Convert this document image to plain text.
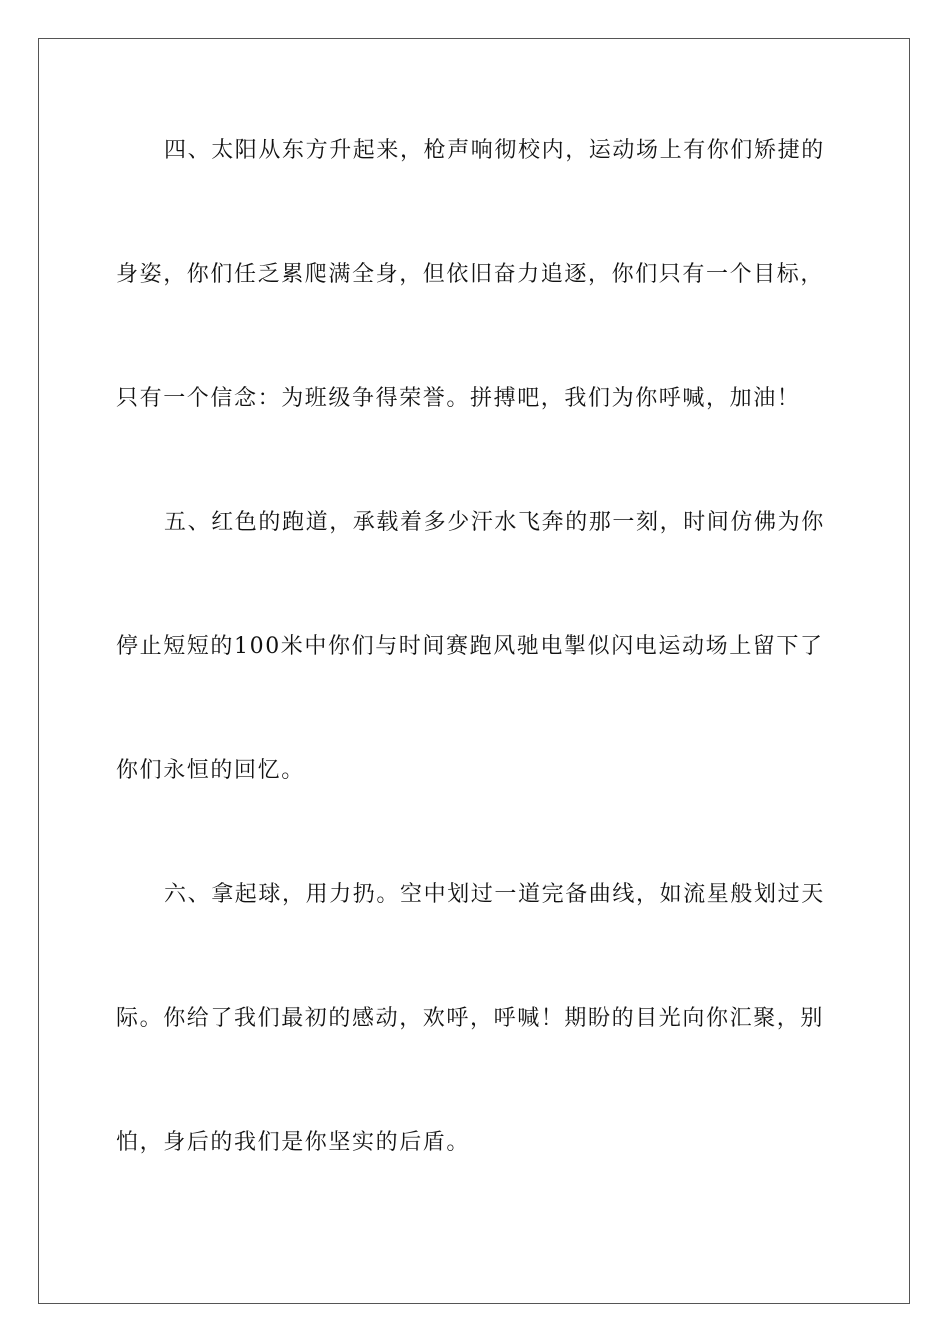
四、太阳从东方升起来，枪声响彻校内，运动场上有你们矫捷的
身姿，你们任乏累爬满全身，但依旧奋力追逐，你们只有一个目标，
只有一个信念：为班级争得荣誉。拼搏吧，我们为你呼喊，加油！
五、红色的跑道，承载着多少汗水飞奔的那一刻，时间仿佛为你
停止短短的100米中你们与时间赛跑风驰电掣似闪电运动场上留下了
你们永恒的回忆。
六、拿起球，用力扔。空中划过一道完备曲线，如流星般划过天
际。你给了我们最初的感动，欢呼，呼喊！期盼的目光向你汇聚，别
怕，身后的我们是你坚实的后盾。
